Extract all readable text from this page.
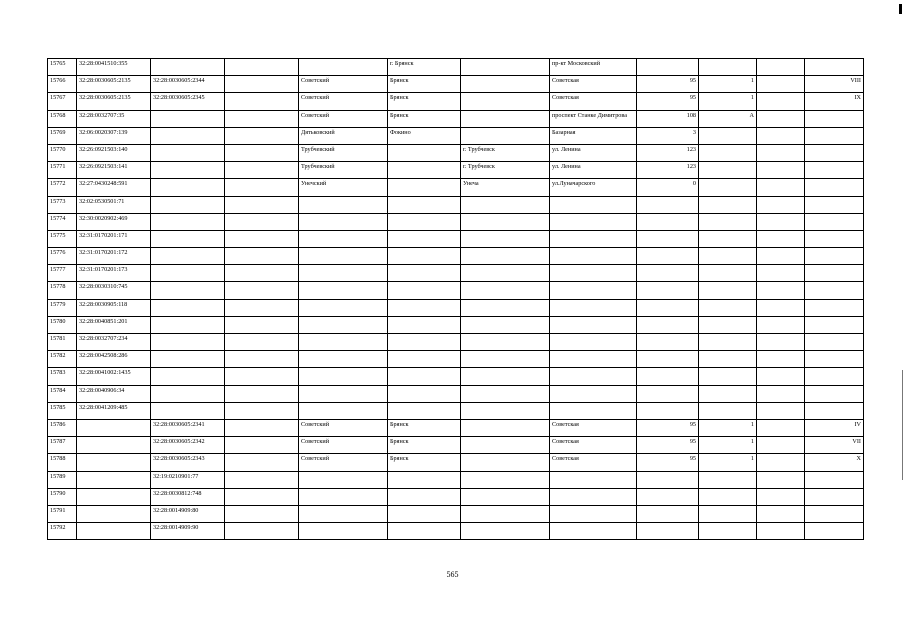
15765	32:28:0041510:355				г. Брянск		пр-кт Московский				
15766	32:28:0030605:2135	32:28:0030605:2344		Советский	Брянск		Советская	95	1		VIII
15767	32:28:0030605:2135	32:28:0030605:2345		Советский	Брянск		Советская	95	1		IX
15768	32:28:0032707:35			Советский	Брянск		проспект Станке Димитрова	108	А		
15769	32:06:0020307:139			Дятьковский	Фокино		Базарная	3			
15770	32:26:0921503:140			Трубчевский		г. Трубчевск	ул. Ленина	123			
15771	32:26:0921503:141			Трубчевский		г. Трубчевск	ул. Ленина	123			
15772	32:27:0430248:591			Унечский		Унеча	ул.Луначарского	0			
15773	32:02:0530501:71										
15774	32:30:0020902:469										
15775	32:31:0170201:171										
15776	32:31:0170201:172										
15777	32:31:0170201:173										
15778	32:28:0030310:745										
15779	32:28:0030905:118										
15780	32:28:0040851:201										
15781	32:28:0032707:234										
15782	32:28:0042508:286										
15783	32:28:0041002:1435										
15784	32:28:0040906:34										
15785	32:28:0041209:485										
15786		32:28:0030605:2341		Советский	Брянск		Советская	95	1		IV
15787		32:28:0030605:2342		Советский	Брянск		Советская	95	1		VII
15788		32:28:0030605:2343		Советский	Брянск		Советская	95	1		X
15789		32:19:0210901:77									
15790		32:28:0030812:748									
15791		32:28:0014909:80									
15792		32:28:0014909:90									
565
